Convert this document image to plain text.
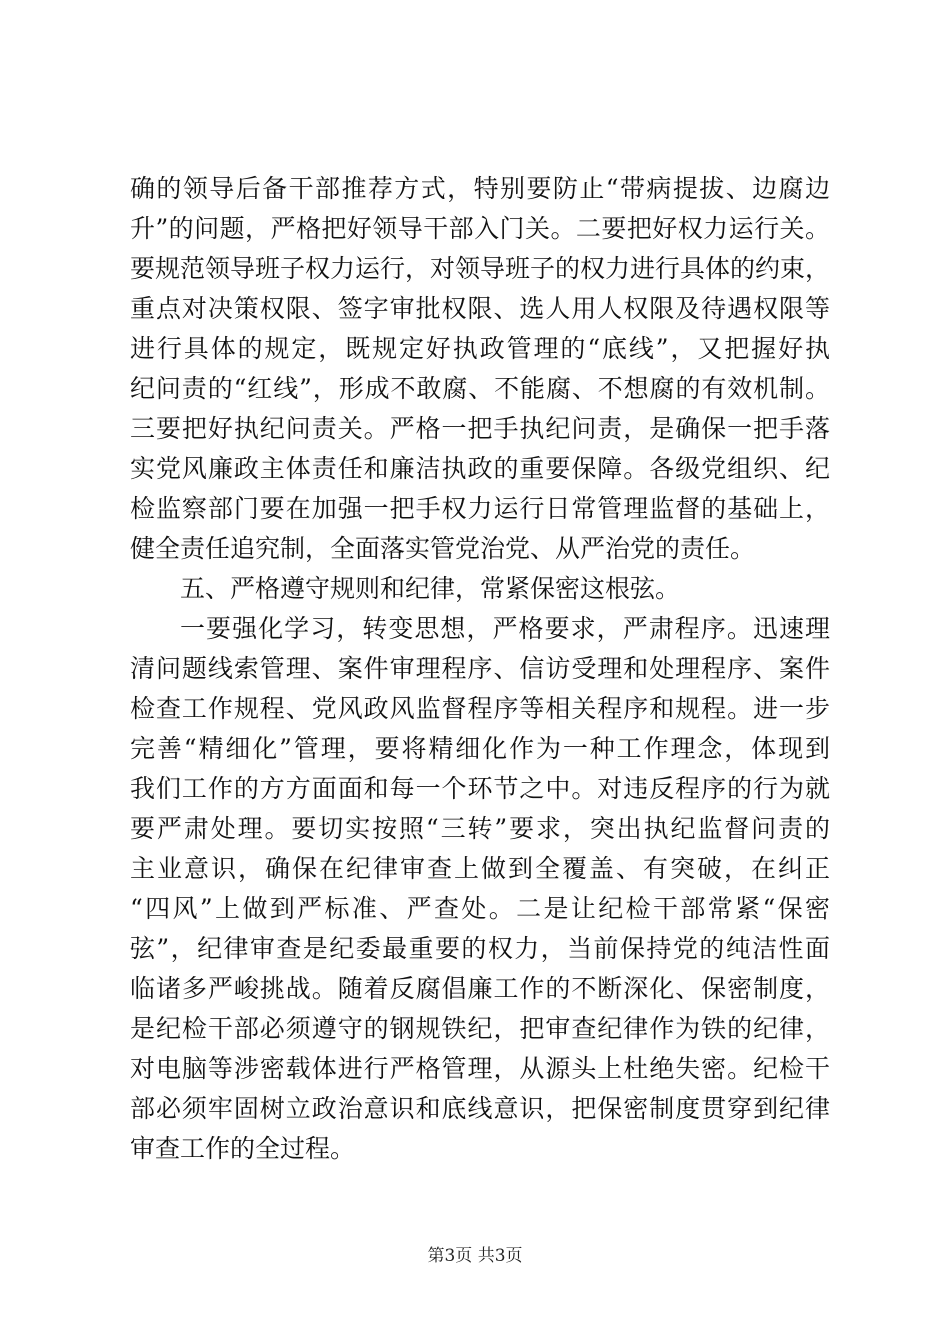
确的领导后备干部推荐方式，特别要防止“带病提拔、边腐边
升”的问题，严格把好领导干部入门关。二要把好权力运行关。
要规范领导班子权力运行，对领导班子的权力进行具体的约束，
重点对决策权限、签字审批权限、选人用人权限及待遇权限等
进行具体的规定，既规定好执政管理的“底线”，又把握好执
纪问责的“红线”，形成不敢腐、不能腐、不想腐的有效机制。
三要把好执纪问责关。严格一把手执纪问责，是确保一把手落
实党风廉政主体责任和廉洁执政的重要保障。各级党组织、纪
检监察部门要在加强一把手权力运行日常管理监督的基础上，
健全责任追究制，全面落实管党治党、从严治党的责任。
五、严格遵守规则和纪律，常紧保密这根弦。
一要强化学习，转变思想，严格要求，严肃程序。迅速理
清问题线索管理、案件审理程序、信访受理和处理程序、案件
检查工作规程、党风政风监督程序等相关程序和规程。进一步
完善“精细化”管理，要将精细化作为一种工作理念，体现到
我们工作的方方面面和每一个环节之中。对违反程序的行为就
要严肃处理。要切实按照“三转”要求，突出执纪监督问责的
主业意识，确保在纪律审查上做到全覆盖、有突破，在纠正
“四风”上做到严标准、严查处。二是让纪检干部常紧“保密
弦”，纪律审查是纪委最重要的权力，当前保持党的纯洁性面
临诸多严峻挑战。随着反腐倡廉工作的不断深化、保密制度，
是纪检干部必须遵守的钢规铁纪，把审查纪律作为铁的纪律，
对电脑等涉密载体进行严格管理，从源头上杜绝失密。纪检干
部必须牢固树立政治意识和底线意识，把保密制度贯穿到纪律
审查工作的全过程。
第3页 共3页
